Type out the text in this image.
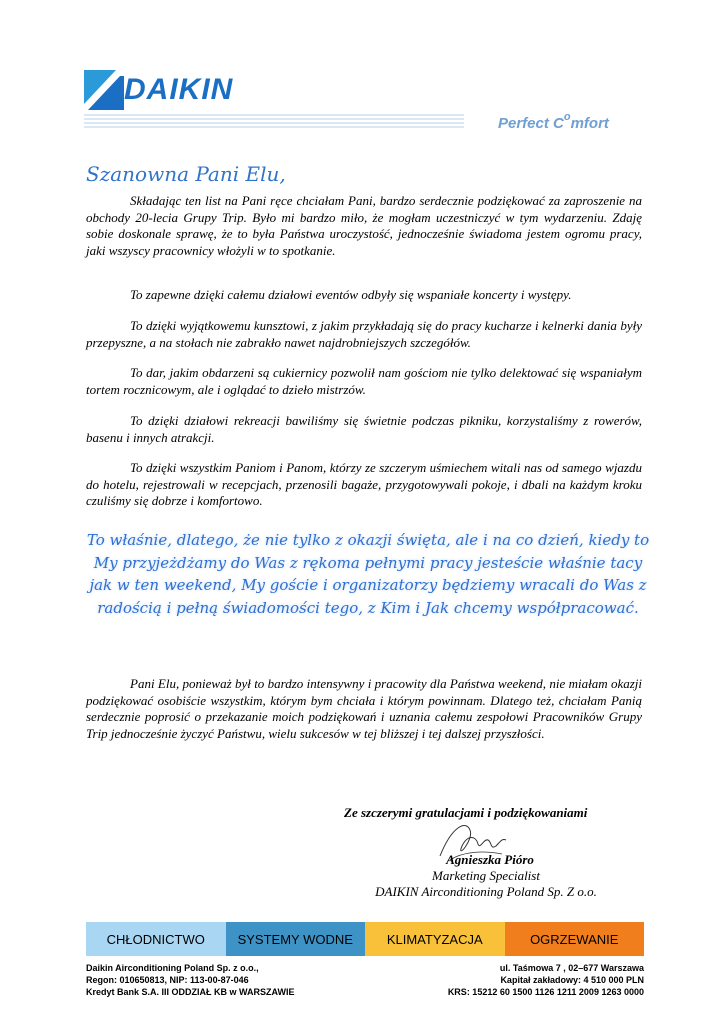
DAIKIN
Perfect $C^omfort$
Szanowna Pani Elu,

Składając ten list na Pani ręce chciałam Pani, bardzo serdecznie podziękować za zaproszenie na obchody 20-lecia Grupy Trip. Było mi bardzo miło, że mogłam uczestniczyć w tym wydarzeniu. Zdaję sobie doskonale sprawę, że to była Państwa uroczystość, jednocześnie świadoma jestem ogromu pracy, jaki wszyscy pracownicy włożyli w to spotkanie.

To zapewne dzięki całemu działowi eventów odbyły się wspaniałe koncerty i występy.

To dzięki wyjątkowemu kunsztowi, z jakim przykładają się do pracy kucharze i kelnerki dania były przepyszne, a na stołach nie zabrakło nawet najdrobniejszych szczegółów.

To dar, jakim obdarzeni są cukiernicy pozwolił nam gościom nie tylko delektować się wspaniałym tortem rocznicowym, ale i oglądać to dzieło mistrzów.

To dzięki działowi rekreacji bawiliśmy się świetnie podczas pikniku, korzystaliśmy z rowerów, basenu i innych atrakcji.

To dzięki wszystkim Paniom i Panom, którzy ze szczerym uśmiechem witali nas od samego wjazdu do hotelu, rejestrowali w recepcjach, przenosili bagaże, przygotowywali pokoje, i dbali na każdym kroku czuliśmy się dobrze i komfortowo.

To właśnie, dlatego, że nie tylko z okazji święta, ale i na co dzień, kiedy to My przyjeżdżamy do Was z rękoma pełnymi pracy jesteście właśnie tacy jak w ten weekend, My goście i organizatorzy będziemy wracali do Was z radością i pełną świadomości tego, z Kim i Jak chcemy współpracować.

Pani Elu, ponieważ był to bardzo intensywny i pracowity dla Państwa weekend, nie miałam okazji podziękować osobiście wszystkim, którym bym chciała i którym powinnam. Dlatego też, chciałam Panią serdecznie poprosić o przekazanie moich podziękowań i uznania całemu zespołowi Pracowników Grupy Trip jednocześnie życzyć Państwu, wielu sukcesów w tej bliższej i tej dalszej przyszłości.

Ze szczerymi gratulacjami i podziękowaniami
Agnieszka Pióro
Marketing Specialist
DAIKIN Airconditioning Poland Sp. Z o.o.
CHŁODNICTWO	SYSTEMY WODNE	KLIMATYZACJA	OGRZEWANIE
Daikin Airconditioning Poland Sp. z o.o.,
Regon: 010650813, NIP: 113-00-87-046
Kredyt Bank S.A. III ODDZIAŁ KB w WARSZAWIE
ul. Taśmowa 7 , 02–677 Warszawa
Kapitał zakładowy: 4 510 000 PLN
KRS: 15212 60 1500 1126 1211 2009 1263 0000
